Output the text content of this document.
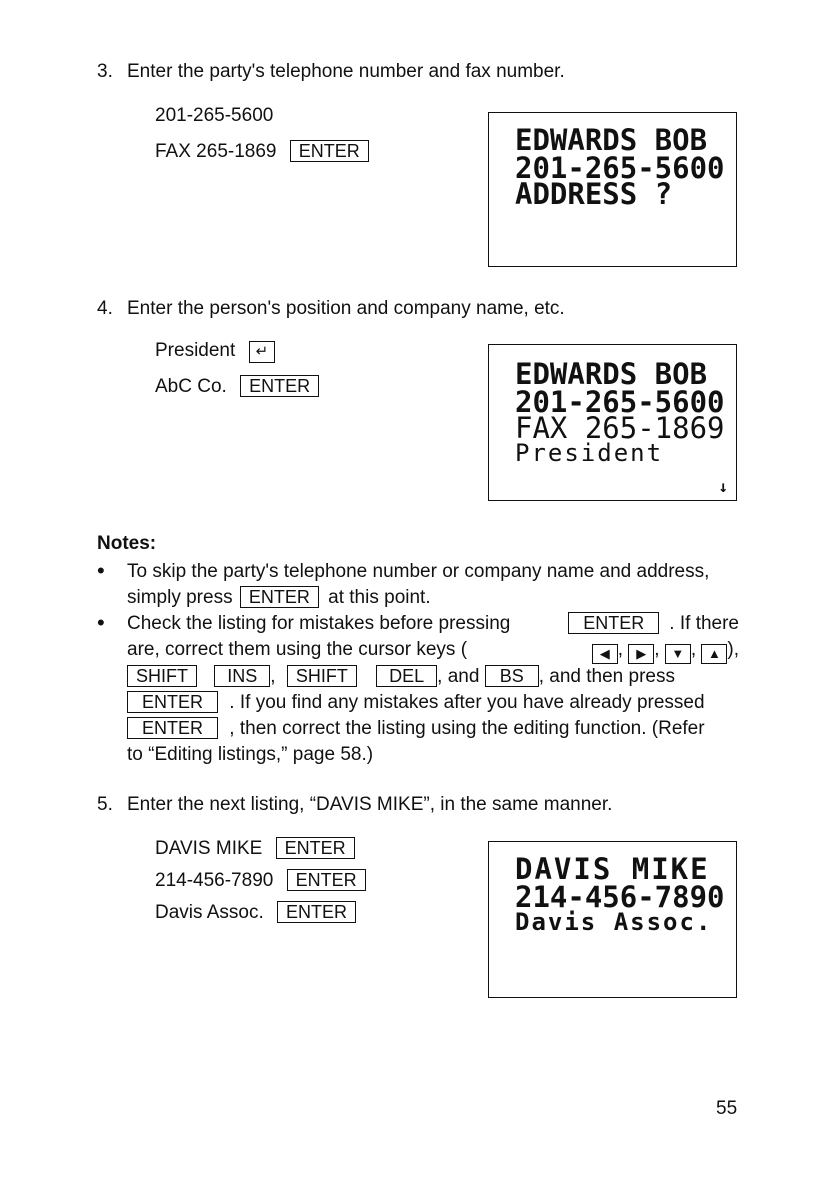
3. Enter the party's telephone number and fax number.
201-265-5600
FAX 265-1869 ENTER	EDWARDS BOB
201-265-5600
ADDRESS ?
4. Enter the person's position and company name, etc.
President ↵
AbC Co. ENTER	EDWARDS BOB
201-265-5600
FAX 265-1869
President
↓
Notes:
• To skip the party's telephone number or company name and address,
simply press ENTER at this point.
• Check the listing for mistakes before pressing	ENTER . If there
are, correct them using the cursor keys (	◀ , ▶ , ▼ , ▲ ),
SHIFT INS , SHIFT DEL , and BS , and then press
ENTER . If you find any mistakes after you have already pressed
ENTER , then correct the listing using the editing function. (Refer
to “Editing listings,” page 58.)
5. Enter the next listing, “DAVIS MIKE”, in the same manner.
DAVIS MIKE ENTER
214-456-7890 ENTER
Davis Assoc. ENTER
DAVIS MIKE
214-456-7890
Davis Assoc.
55
